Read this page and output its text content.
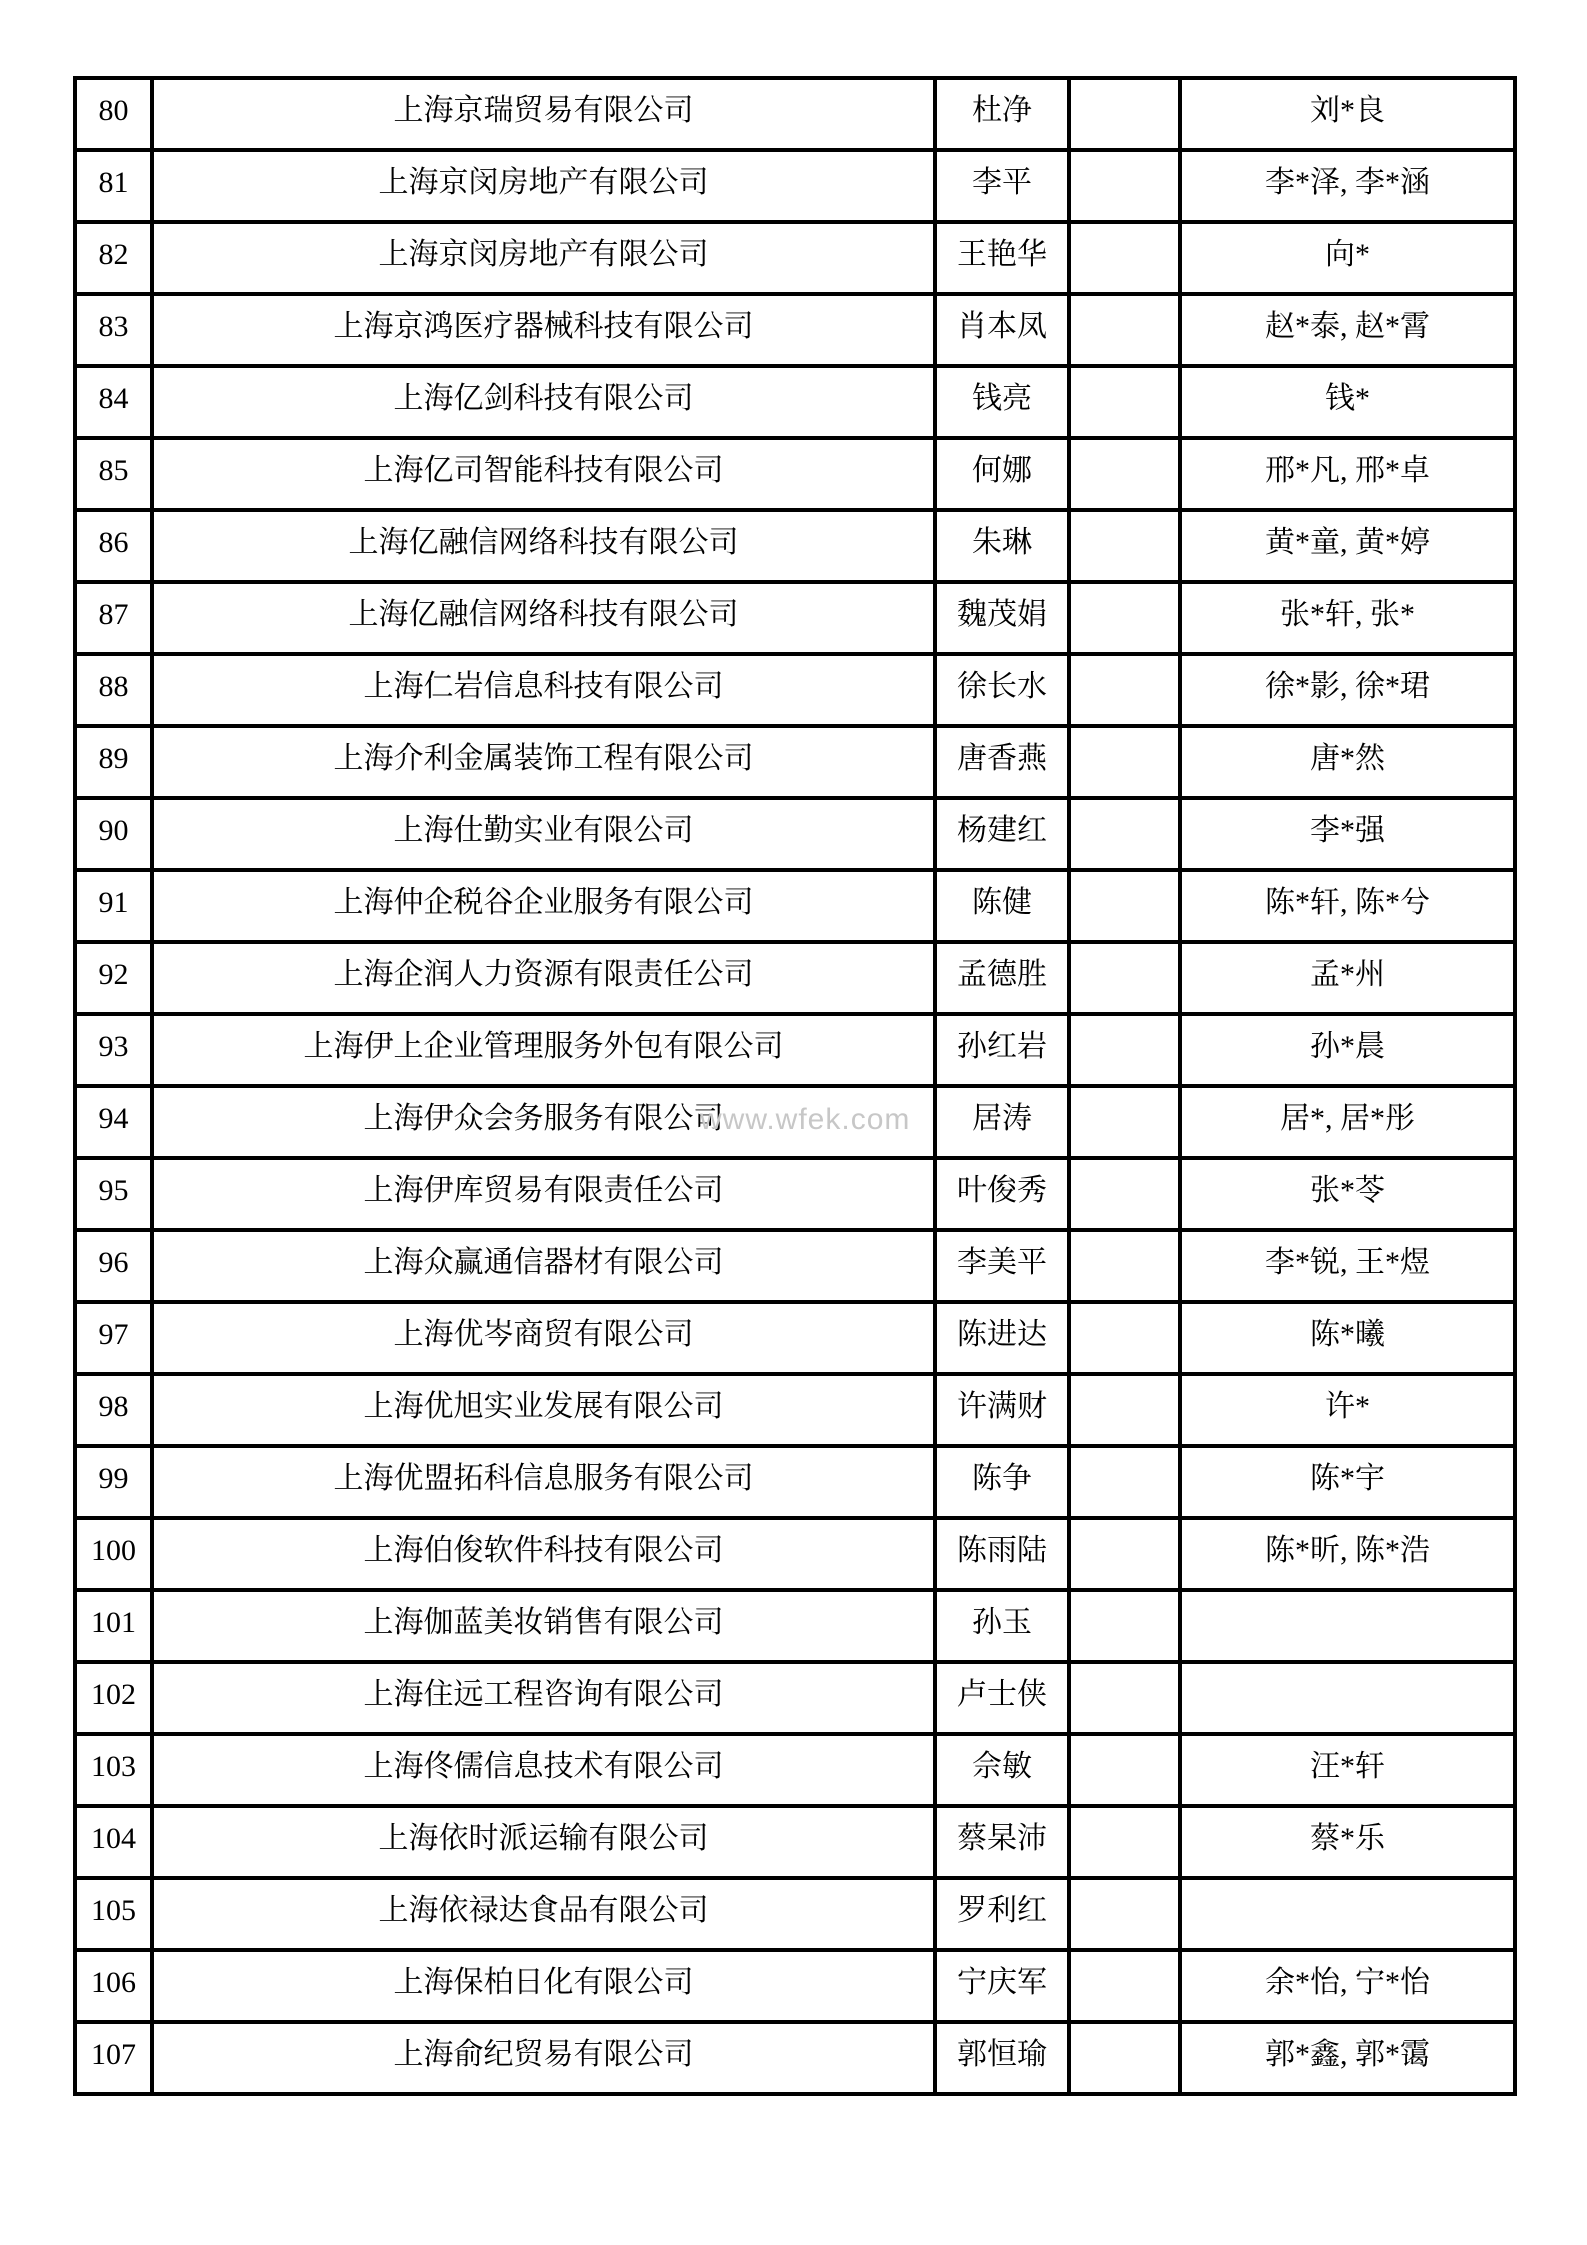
www.wfek.com
80	上海京瑞贸易有限公司	杜净		刘*良
81	上海京闵房地产有限公司	李平		李*泽, 李*涵
82	上海京闵房地产有限公司	王艳华		向*
83	上海京鸿医疗器械科技有限公司	肖本凤		赵*泰, 赵*霄
84	上海亿剑科技有限公司	钱亮		钱*
85	上海亿司智能科技有限公司	何娜		邢*凡, 邢*卓
86	上海亿融信网络科技有限公司	朱琳		黄*童, 黄*婷
87	上海亿融信网络科技有限公司	魏茂娟		张*轩, 张*
88	上海仁岩信息科技有限公司	徐长水		徐*影, 徐*珺
89	上海介利金属装饰工程有限公司	唐香燕		唐*然
90	上海仕勤实业有限公司	杨建红		李*强
91	上海仲企税谷企业服务有限公司	陈健		陈*轩, 陈*兮
92	上海企润人力资源有限责任公司	孟德胜		孟*州
93	上海伊上企业管理服务外包有限公司	孙红岩		孙*晨
94	上海伊众会务服务有限公司	居涛		居*, 居*彤
95	上海伊库贸易有限责任公司	叶俊秀		张*苓
96	上海众赢通信器材有限公司	李美平		李*锐, 王*煜
97	上海优岑商贸有限公司	陈进达		陈*曦
98	上海优旭实业发展有限公司	许满财		许*
99	上海优盟拓科信息服务有限公司	陈争		陈*宇
100	上海伯俊软件科技有限公司	陈雨陆		陈*昕, 陈*浩
101	上海伽蓝美妆销售有限公司	孙玉		
102	上海住远工程咨询有限公司	卢士侠		
103	上海佟儒信息技术有限公司	佘敏		汪*轩
104	上海依时派运输有限公司	蔡杲沛		蔡*乐
105	上海依禄达食品有限公司	罗利红		
106	上海保柏日化有限公司	宁庆军		余*怡, 宁*怡
107	上海俞纪贸易有限公司	郭恒瑜		郭*鑫, 郭*霭
